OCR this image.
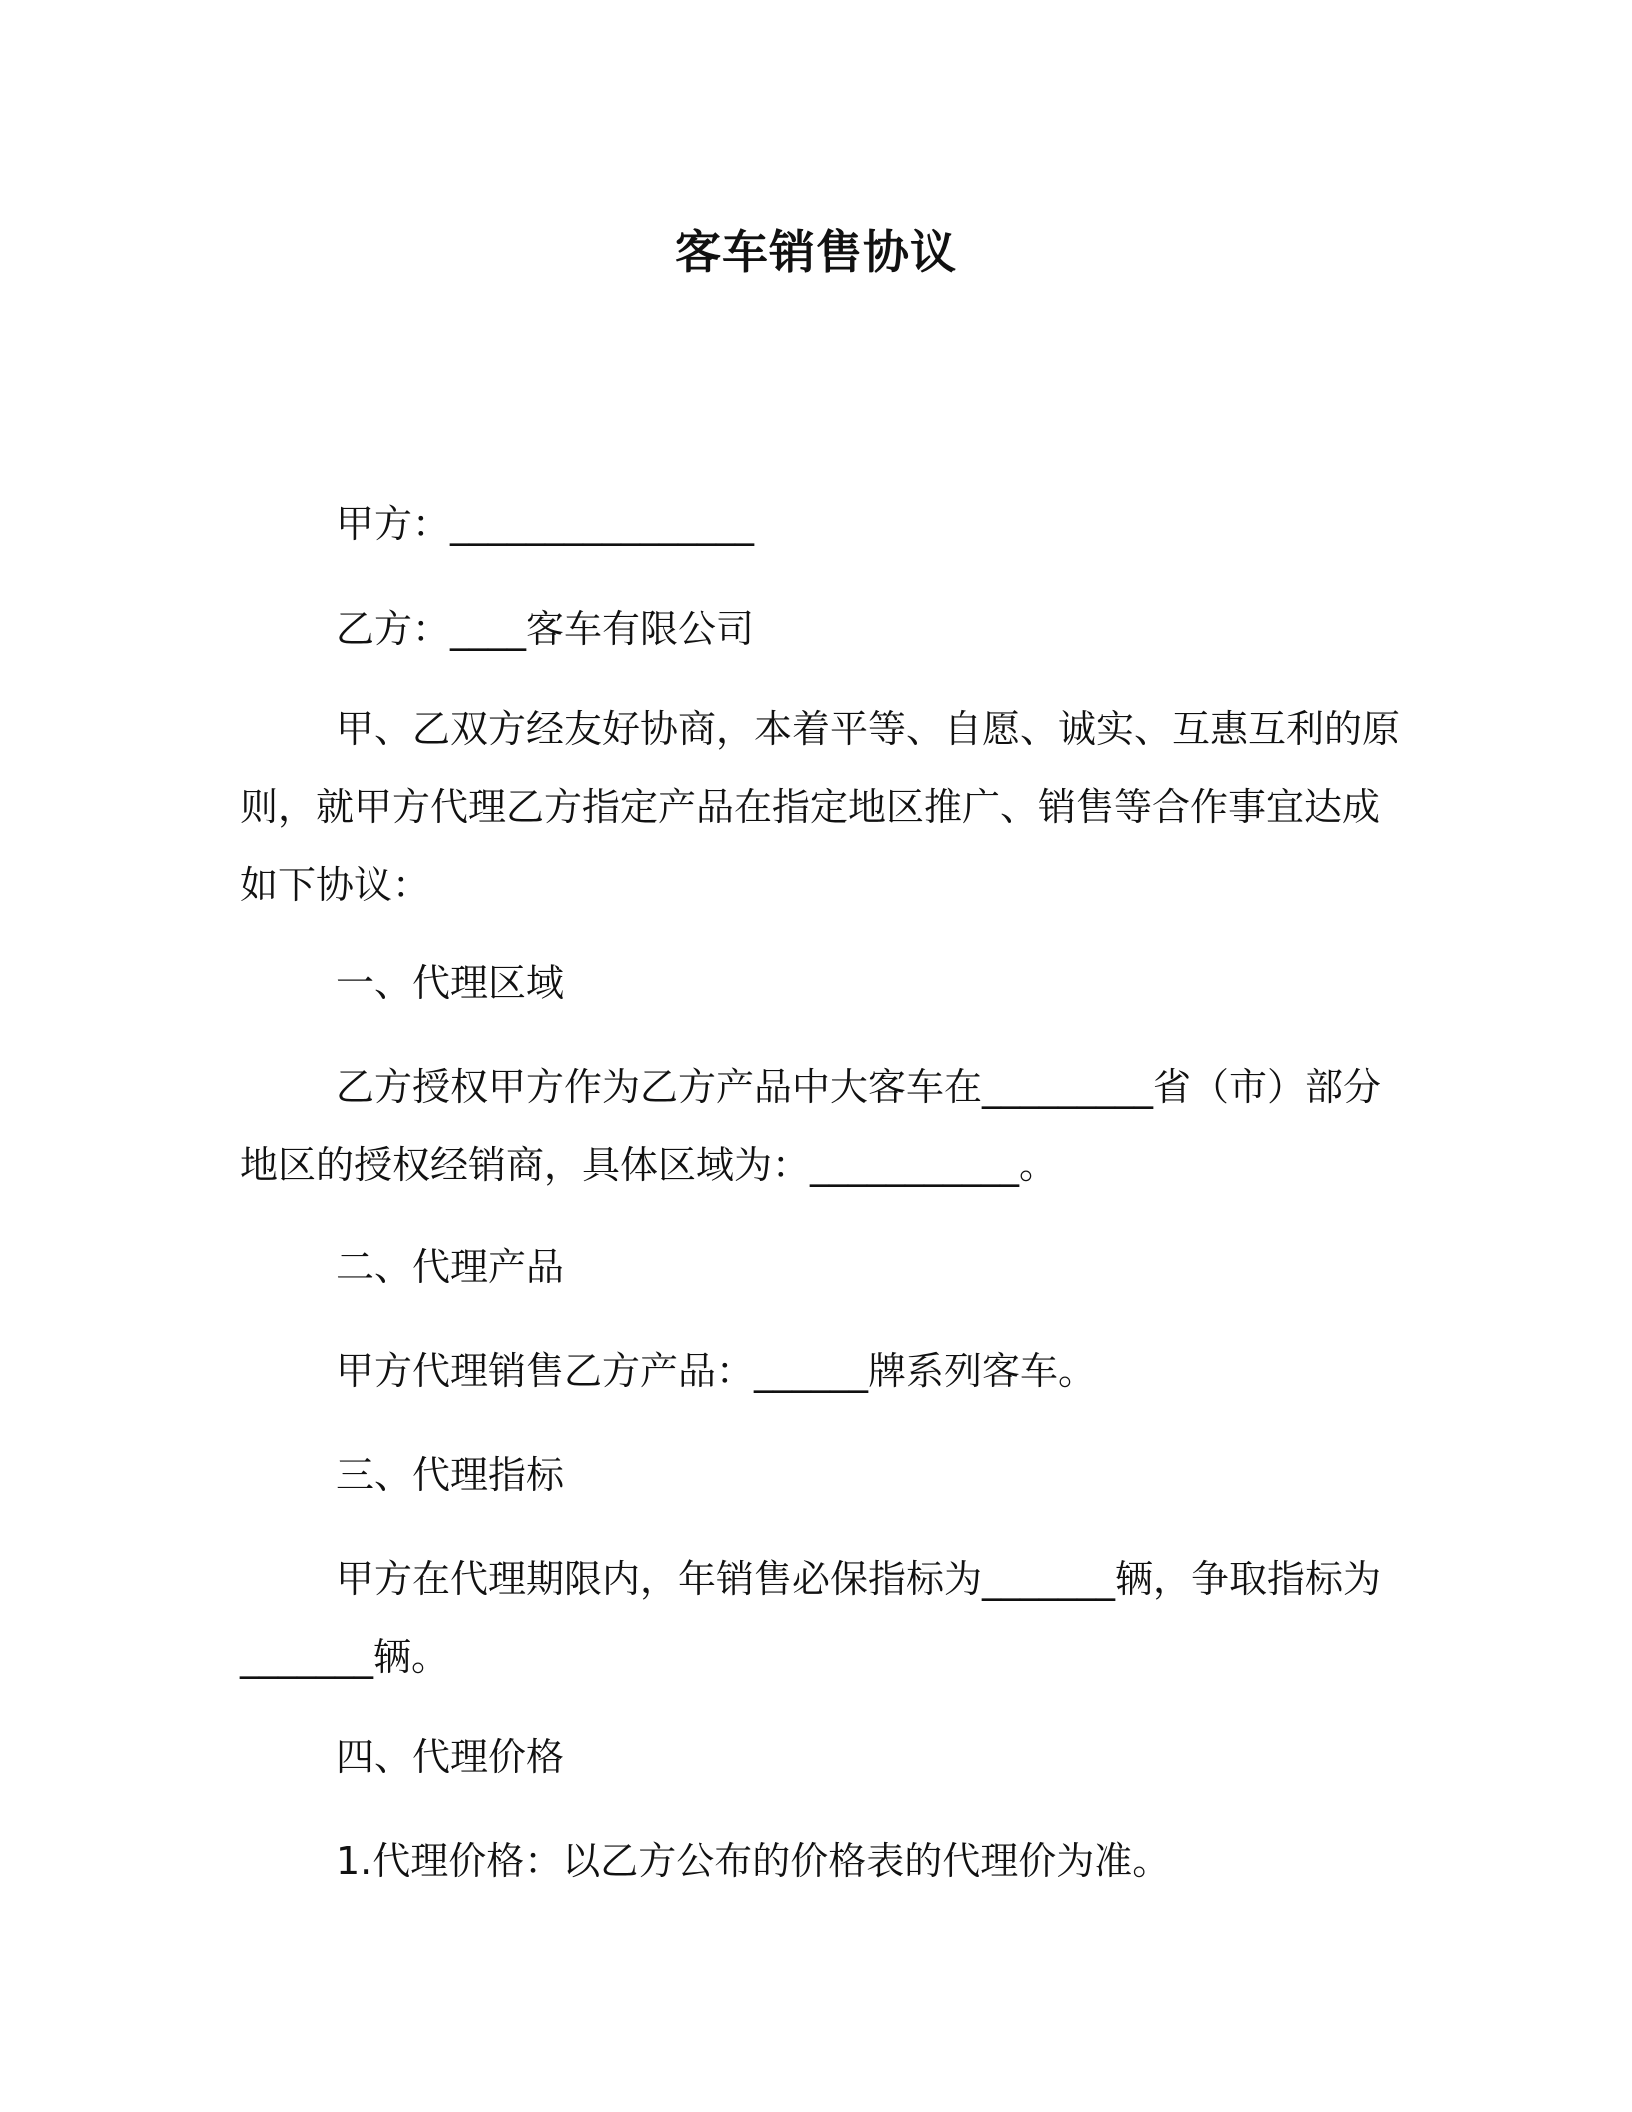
客车销售协议

甲方：________________

乙方：____客车有限公司

甲、乙双方经友好协商，本着平等、自愿、诚实、互惠互利的原
则，就甲方代理乙方指定产品在指定地区推广、销售等合作事宜达成
如下协议：

一、代理区域

乙方授权甲方作为乙方产品中大客车在_________省（市）部分
地区的授权经销商，具体区域为：___________。

二、代理产品

甲方代理销售乙方产品：______牌系列客车。

三、代理指标

甲方在代理期限内，年销售必保指标为_______辆，争取指标为
_______辆。

四、代理价格

1.代理价格：以乙方公布的价格表的代理价为准。
